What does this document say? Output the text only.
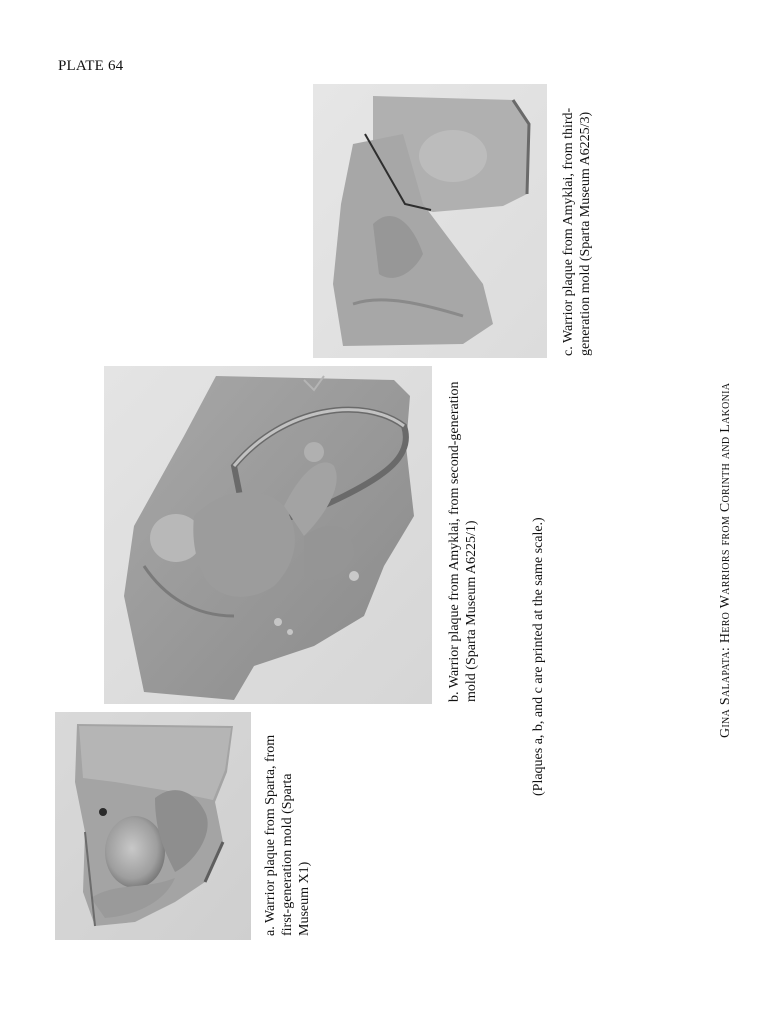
PLATE 64
a. Warrior plaque from Sparta, from first-generation mold (Sparta Museum X1)
b. Warrior plaque from Amyklai, from second-generation mold (Sparta Museum A6225/1)
c. Warrior plaque from Amyklai, from third- generation mold (Sparta Museum A6225/3)
(Plaques a, b, and c are printed at the same scale.)	Gina Salapata: Hero Warriors from Corinth and Lakonia
